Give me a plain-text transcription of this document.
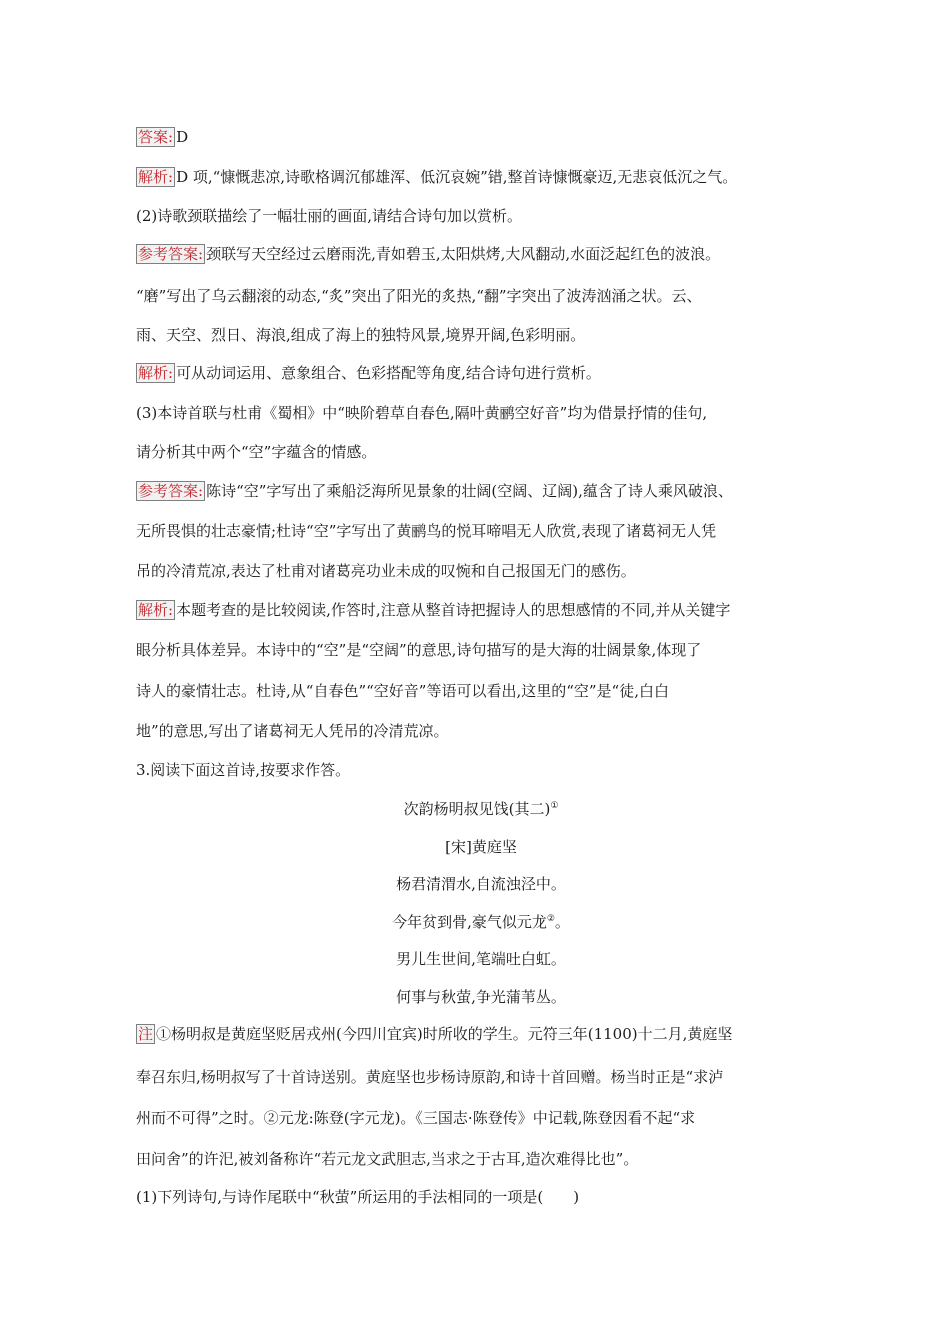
答案: D
解析: D 项,“慷慨悲凉,诗歌格调沉郁雄浑、低沉哀婉”错,整首诗慷慨豪迈,无悲哀低沉之气。
(2)诗歌颈联描绘了一幅壮丽的画面,请结合诗句加以赏析。
参考答案: 颈联写天空经过云磨雨洗,青如碧玉,太阳烘烤,大风翻动,水面泛起红色的波浪。
“磨”写出了乌云翻滚的动态,“炙”突出了阳光的炙热,“翻”字突出了波涛汹涌之状。云、
雨、天空、烈日、海浪,组成了海上的独特风景,境界开阔,色彩明丽。
解析: 可从动词运用、意象组合、色彩搭配等角度,结合诗句进行赏析。
(3)本诗首联与杜甫《蜀相》中“映阶碧草自春色,隔叶黄鹂空好音”均为借景抒情的佳句,
请分析其中两个“空”字蕴含的情感。
参考答案: 陈诗“空”字写出了乘船泛海所见景象的壮阔(空阔、辽阔),蕴含了诗人乘风破浪、
无所畏惧的壮志豪情;杜诗“空”字写出了黄鹂鸟的悦耳啼唱无人欣赏,表现了诸葛祠无人凭
吊的冷清荒凉,表达了杜甫对诸葛亮功业未成的叹惋和自己报国无门的感伤。
解析: 本题考查的是比较阅读,作答时,注意从整首诗把握诗人的思想感情的不同,并从关键字
眼分析具体差异。本诗中的“空”是“空阔”的意思,诗句描写的是大海的壮阔景象,体现了
诗人的豪情壮志。杜诗,从“自春色”“空好音”等语可以看出,这里的“空”是“徒,白白
地”的意思,写出了诸葛祠无人凭吊的冷清荒凉。
3.阅读下面这首诗,按要求作答。
次韵杨明叔见饯(其二)①
[宋]黄庭坚
杨君清渭水,自流浊泾中。
今年贫到骨,豪气似元龙②。
男儿生世间,笔端吐白虹。
何事与秋萤,争光蒲苇丛。
注 ①杨明叔是黄庭坚贬居戎州(今四川宜宾)时所收的学生。元符三年(1100)十二月,黄庭坚
奉召东归,杨明叔写了十首诗送别。黄庭坚也步杨诗原韵,和诗十首回赠。杨当时正是“求泸
州而不可得”之时。②元龙:陈登(字元龙)。《三国志·陈登传》中记载,陈登因看不起“求
田问舍”的许汜,被刘备称许“若元龙文武胆志,当求之于古耳,造次难得比也”。
(1)下列诗句,与诗作尾联中“秋萤”所运用的手法相同的一项是(　　)
